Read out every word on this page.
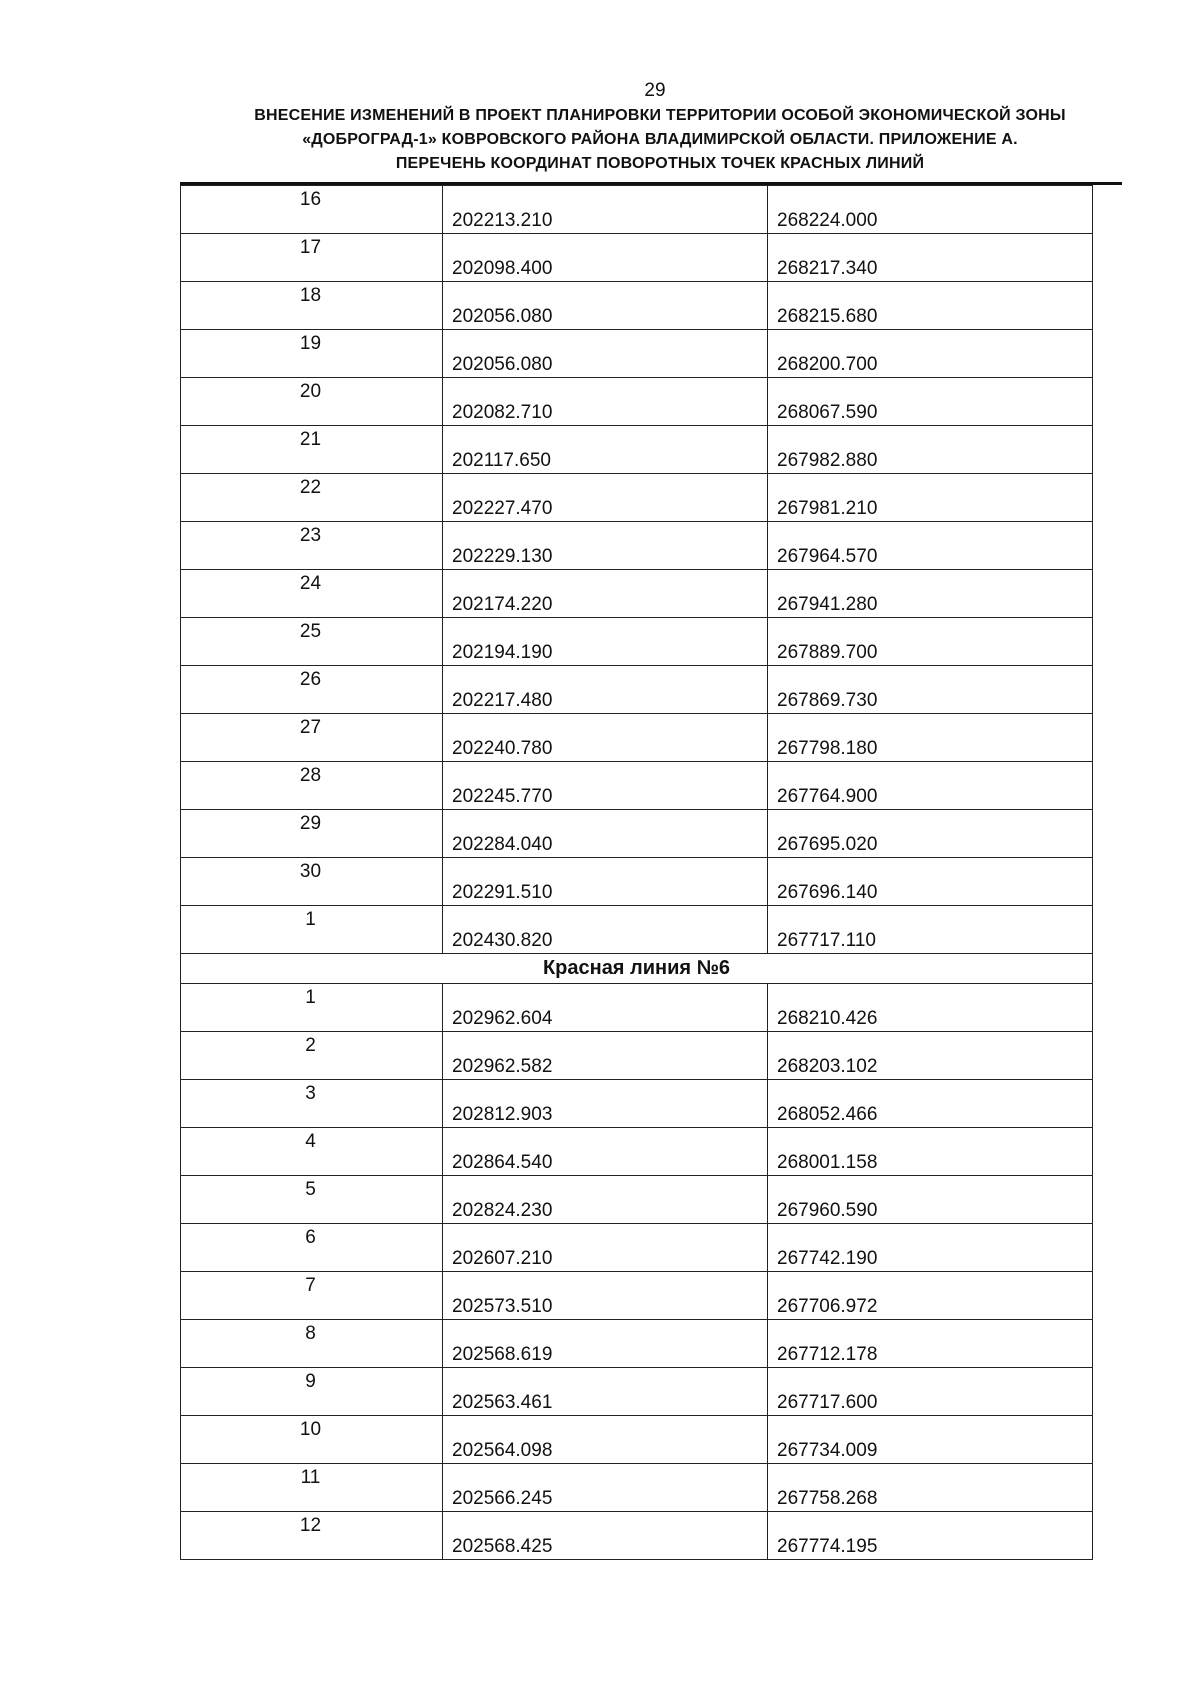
29
ВНЕСЕНИЕ ИЗМЕНЕНИЙ В ПРОЕКТ ПЛАНИРОВКИ ТЕРРИТОРИИ ОСОБОЙ ЭКОНОМИЧЕСКОЙ ЗОНЫ
«ДОБРОГРАД-1» КОВРОВСКОГО РАЙОНА ВЛАДИМИРСКОЙ ОБЛАСТИ. ПРИЛОЖЕНИЕ А.
ПЕРЕЧЕНЬ КООРДИНАТ ПОВОРОТНЫХ ТОЧЕК КРАСНЫХ ЛИНИЙ
16	202213.210	268224.000

17	202098.400	268217.340

18	202056.080	268215.680

19	202056.080	268200.700

20	202082.710	268067.590

21	202117.650	267982.880

22	202227.470	267981.210

23	202229.130	267964.570

24	202174.220	267941.280

25	202194.190	267889.700

26	202217.480	267869.730

27	202240.780	267798.180

28	202245.770	267764.900

29	202284.040	267695.020

30	202291.510	267696.140

1	202430.820	267717.110

Красная линия №6		
1	202962.604	268210.426

2	202962.582	268203.102

3	202812.903	268052.466

4	202864.540	268001.158

5	202824.230	267960.590

6	202607.210	267742.190

7	202573.510	267706.972

8	202568.619	267712.178

9	202563.461	267717.600

10	202564.098	267734.009

11	202566.245	267758.268

12	202568.425	267774.195
